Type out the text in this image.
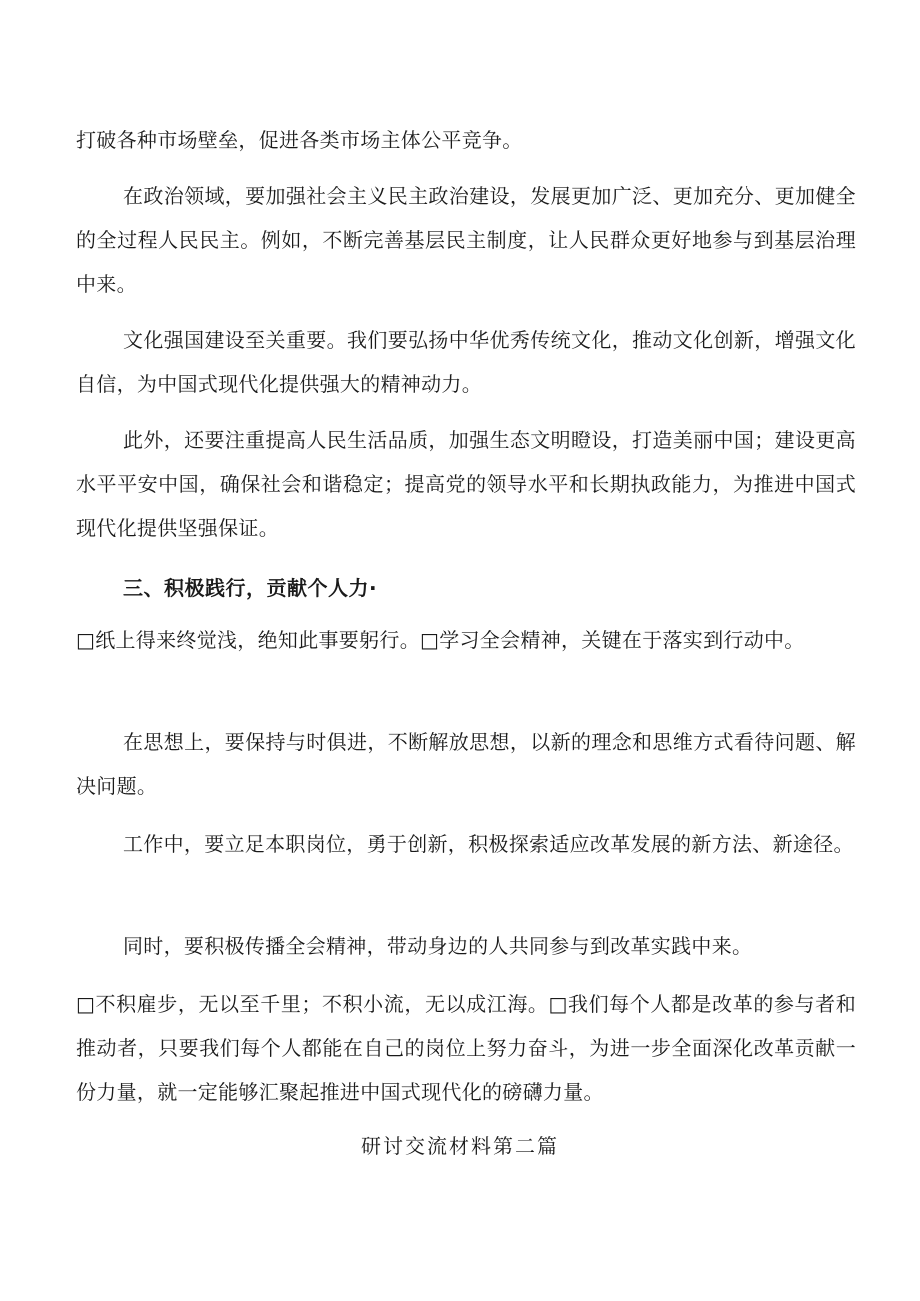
打破各种市场壁垒，促进各类市场主体公平竞争。

在政治领域，要加强社会主义民主政治建设，发展更加广泛、更加充分、更加健全的全过程人民民主。例如，不断完善基层民主制度，让人民群众更好地参与到基层治理中来。

文化强国建设至关重要。我们要弘扬中华优秀传统文化，推动文化创新，增强文化自信，为中国式现代化提供强大的精神动力。

此外，还要注重提高人民生活品质，加强生态文明瞪设，打造美丽中国；建设更高水平平安中国，确保社会和谐稳定；提高党的领导水平和长期执政能力，为推进中国式现代化提供坚强保证。

三、积极践行，贡献个人力·

□纸上得来终觉浅，绝知此事要躬行。□学习全会精神，关键在于落实到行动中。

在思想上，要保持与时俱进，不断解放思想，以新的理念和思维方式看待问题、解决问题。

工作中，要立足本职岗位，勇于创新，积极探索适应改革发展的新方法、新途径。

同时，要积极传播全会精神，带动身边的人共同参与到改革实践中来。

□不积雇步，无以至千里；不积小流，无以成江海。□我们每个人都是改革的参与者和推动者，只要我们每个人都能在自己的岗位上努力奋斗，为进一步全面深化改革贡献一份力量，就一定能够汇聚起推进中国式现代化的磅礴力量。

研讨交流材料第二篇
